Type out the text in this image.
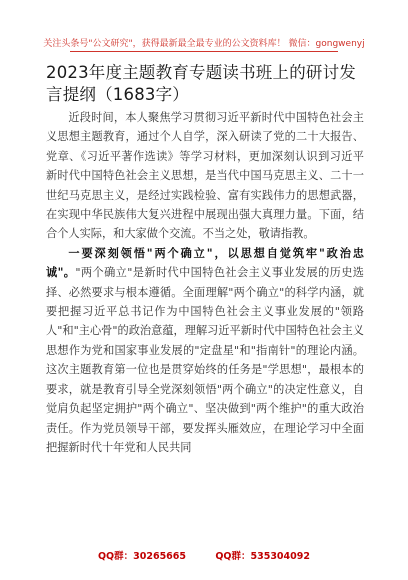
关注头条号"公文研究"，获得最新最全最专业的公文资料库！ 微信：gongwenyj
2023年度主题教育专题读书班上的研讨发言提纲（1683字）

近段时间，本人聚焦学习贯彻习近平新时代中国特色社会主义思想主题教育，通过个人自学，深入研读了党的二十大报告、党章、《习近平著作选读》等学习材料，更加深刻认识到习近平新时代中国特色社会主义思想，是当代中国马克思主义、二十一世纪马克思主义，是经过实践检验、富有实践伟力的思想武器，在实现中华民族伟大复兴进程中展现出强大真理力量。下面，结合个人实际，和大家做个交流。不当之处，敬请指教。

一要深刻领悟"两个确立"，以思想自觉筑牢"政治忠诚"。"两个确立"是新时代中国特色社会主义事业发展的历史选择、必然要求与根本遵循。全面理解"两个确立"的科学内涵，就要把握习近平总书记作为中国特色社会主义事业发展的"领路人"和"主心骨"的政治意蕴，理解习近平新时代中国特色社会主义思想作为党和国家事业发展的"定盘星"和"指南针"的理论内涵。这次主题教育第一位也是贯穿始终的任务是"学思想"，最根本的要求，就是教育引导全党深刻领悟"两个确立"的决定性意义，自觉肩负起坚定拥护"两个确立"、坚决做到"两个维护"的重大政治责任。作为党员领导干部，要发挥头雁效应，在理论学习中全面把握新时代十年党和人民共同

QQ群：30265665	QQ群：535304092
